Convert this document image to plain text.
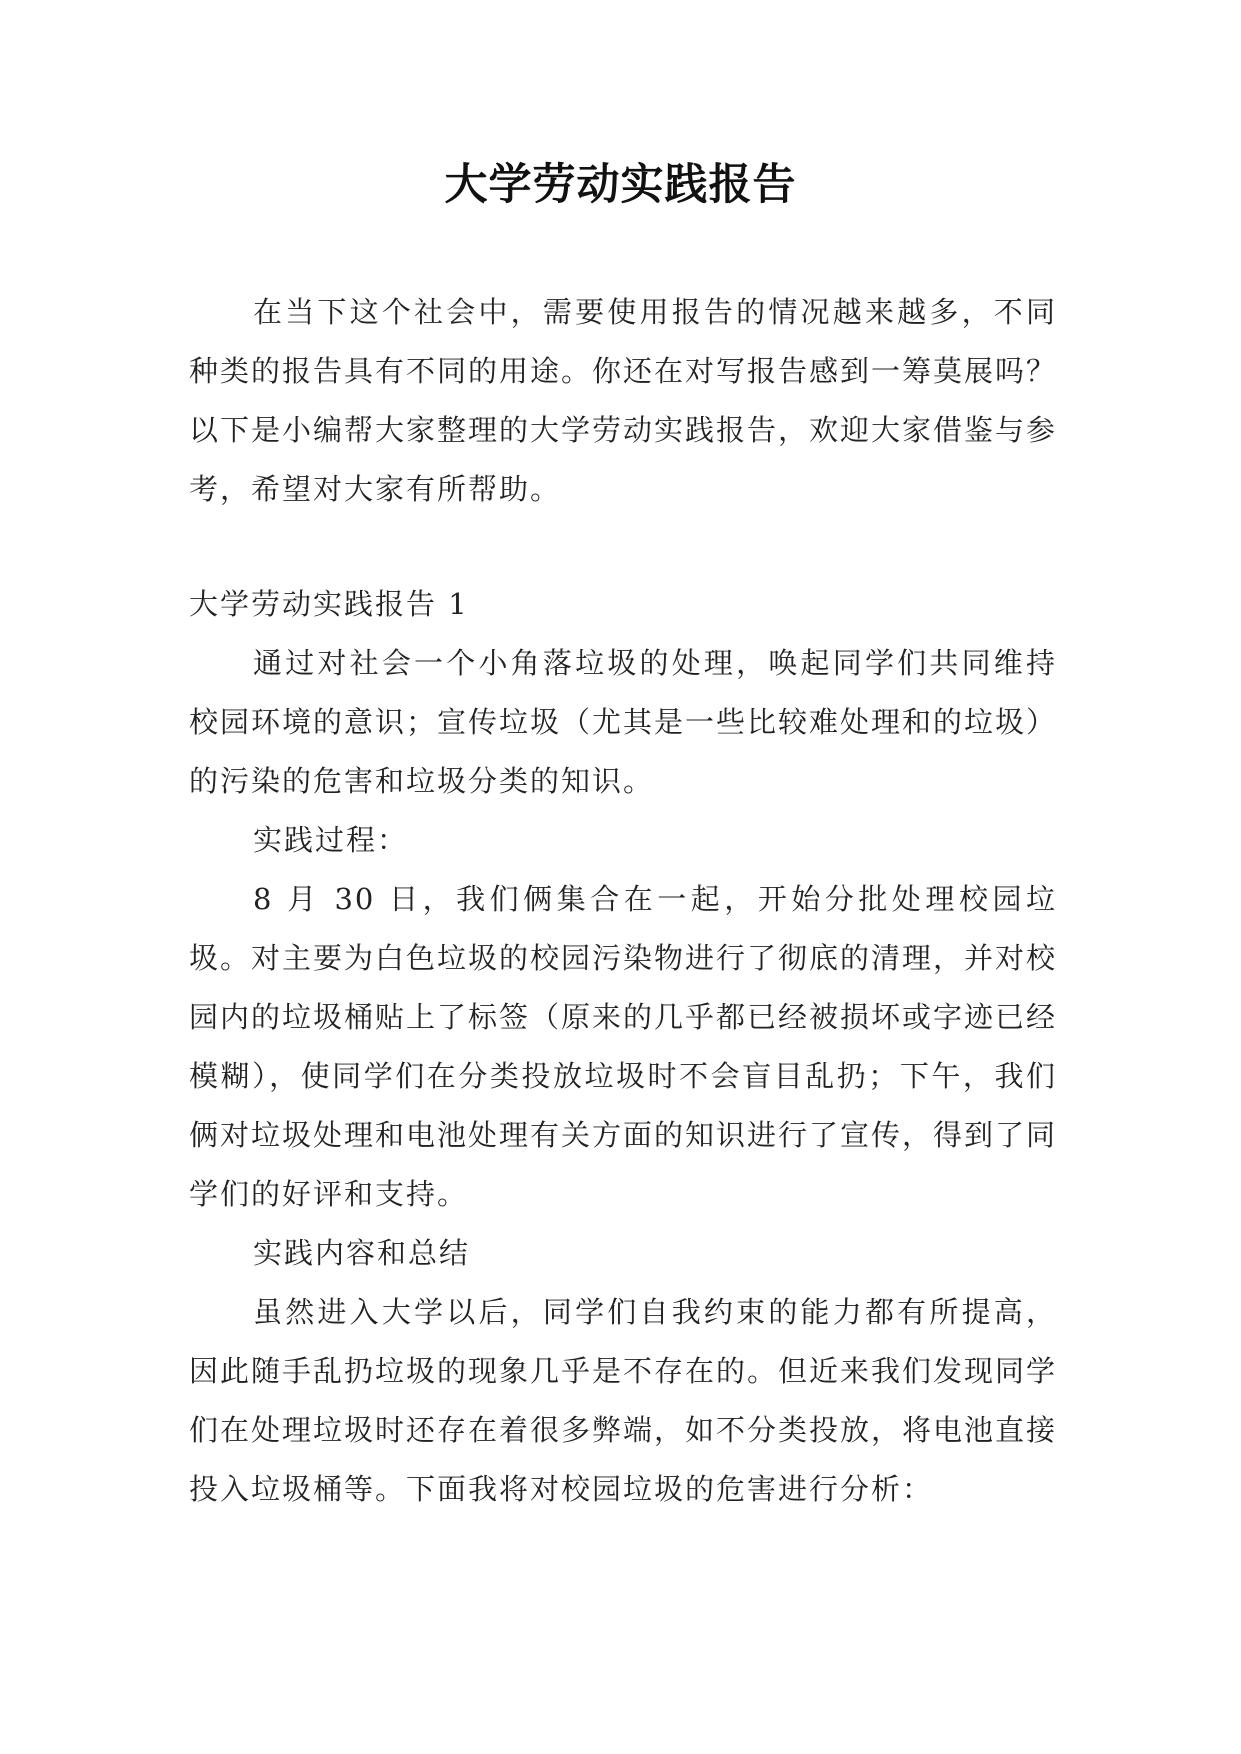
大学劳动实践报告

在当下这个社会中，需要使用报告的情况越来越多，不同种类的报告具有不同的用途。你还在对写报告感到一筹莫展吗？以下是小编帮大家整理的大学劳动实践报告，欢迎大家借鉴与参考，希望对大家有所帮助。

大学劳动实践报告 1

通过对社会一个小角落垃圾的处理，唤起同学们共同维持校园环境的意识；宣传垃圾（尤其是一些比较难处理和的垃圾）的污染的危害和垃圾分类的知识。

实践过程：

8 月 30 日，我们俩集合在一起，开始分批处理校园垃圾。对主要为白色垃圾的校园污染物进行了彻底的清理，并对校园内的垃圾桶贴上了标签（原来的几乎都已经被损坏或字迹已经模糊），使同学们在分类投放垃圾时不会盲目乱扔；下午，我们俩对垃圾处理和电池处理有关方面的知识进行了宣传，得到了同学们的好评和支持。

实践内容和总结

虽然进入大学以后，同学们自我约束的能力都有所提高，因此随手乱扔垃圾的现象几乎是不存在的。但近来我们发现同学们在处理垃圾时还存在着很多弊端，如不分类投放，将电池直接投入垃圾桶等。下面我将对校园垃圾的危害进行分析：
